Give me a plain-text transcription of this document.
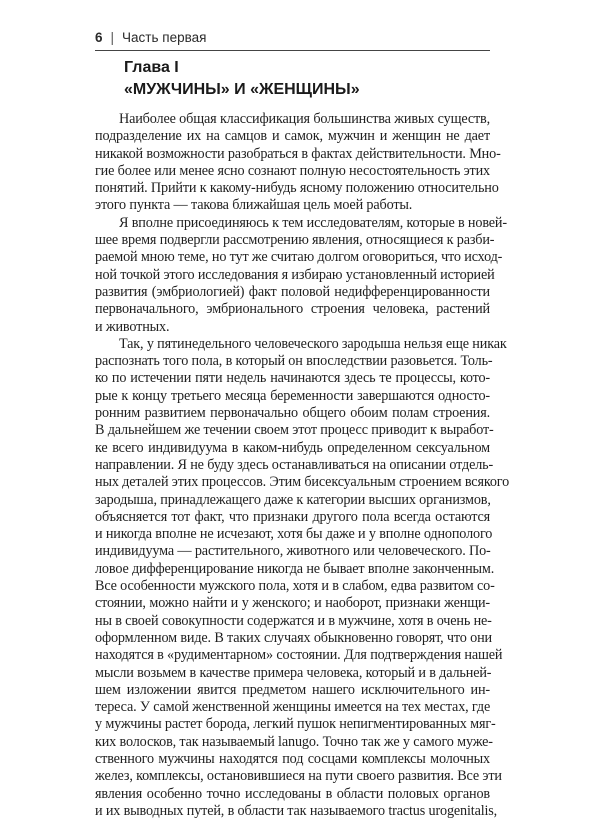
6 | Часть первая
Глава I
«МУЖЧИНЫ» И «ЖЕНЩИНЫ»
Наиболее общая классификация большинства живых существ,
подразделение их на самцов и самок, мужчин и женщин не дает
никакой возможности разобраться в фактах действительности. Мно-
гие более или менее ясно сознают полную несостоятельность этих
понятий. Прийти к какому-нибудь ясному положению относительно
этого пункта — такова ближайшая цель моей работы.
Я вполне присоединяюсь к тем исследователям, которые в новей-
шее время подвергли рассмотрению явления, относящиеся к разби-
раемой мною теме, но тут же считаю долгом оговориться, что исход-
ной точкой этого исследования я избираю установленный историей
развития (эмбриологией) факт половой недифференцированности
первоначального, эмбрионального строения человека, растений
и животных.
Так, у пятинедельного человеческого зародыша нельзя еще никак
распознать того пола, в который он впоследствии разовьется. Толь-
ко по истечении пяти недель начинаются здесь те процессы, кото-
рые к концу третьего месяца беременности завершаются односто-
ронним развитием первоначально общего обоим полам строения.
В дальнейшем же течении своем этот процесс приводит к выработ-
ке всего индивидуума в каком-нибудь определенном сексуальном
направлении. Я не буду здесь останавливаться на описании отдель-
ных деталей этих процессов. Этим бисексуальным строением всякого
зародыша, принадлежащего даже к категории высших организмов,
объясняется тот факт, что признаки другого пола всегда остаются
и никогда вполне не исчезают, хотя бы даже и у вполне однополого
индивидуума — растительного, животного или человеческого. По-
ловое дифференцирование никогда не бывает вполне законченным.
Все особенности мужского пола, хотя и в слабом, едва развитом со-
стоянии, можно найти и у женского; и наоборот, признаки женщи-
ны в своей совокупности содержатся и в мужчине, хотя в очень не-
оформленном виде. В таких случаях обыкновенно говорят, что они
находятся в «рудиментарном» состоянии. Для подтверждения нашей
мысли возьмем в качестве примера человека, который и в дальней-
шем изложении явится предметом нашего исключительного ин-
тереса. У самой женственной женщины имеется на тех местах, где
у мужчины растет борода, легкий пушок непигментированных мяг-
ких волосков, так называемый lanugo. Точно так же у самого муже-
ственного мужчины находятся под сосцами комплексы молочных
желез, комплексы, остановившиеся на пути своего развития. Все эти
явления особенно точно исследованы в области половых органов
и их выводных путей, в области так называемого tractus urogenitalis,
